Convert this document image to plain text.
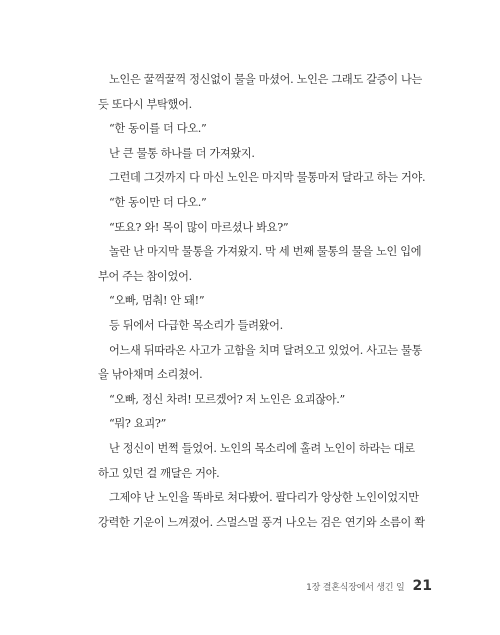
노인은 꿀꺽꿀꺽 정신없이 물을 마셨어. 노인은 그래도 갈증이 나는
듯 또다시 부탁했어.
“한 동이를 더 다오.”
난 큰 물통 하나를 더 가져왔지.
그런데 그것까지 다 마신 노인은 마지막 물통마저 달라고 하는 거야.
“한 동이만 더 다오.”
“또요? 와! 목이 많이 마르셨나 봐요?”
놀란 난 마지막 물통을 가져왔지. 막 세 번째 물통의 물을 노인 입에
부어 주는 참이었어.
“오빠, 멈춰! 안 돼!”
등 뒤에서 다급한 목소리가 들려왔어.
어느새 뒤따라온 사고가 고함을 치며 달려오고 있었어. 사고는 물통
을 낚아채며 소리쳤어.
“오빠, 정신 차려! 모르겠어? 저 노인은 요괴잖아.”
“뭐? 요괴?”
난 정신이 번쩍 들었어. 노인의 목소리에 홀려 노인이 하라는 대로
하고 있던 걸 깨달은 거야.
그제야 난 노인을 똑바로 쳐다봤어. 팔다리가 앙상한 노인이었지만
강력한 기운이 느껴졌어. 스멀스멀 풍겨 나오는 검은 연기와 소름이 쫙
1장 결혼식장에서 생긴 일 21
